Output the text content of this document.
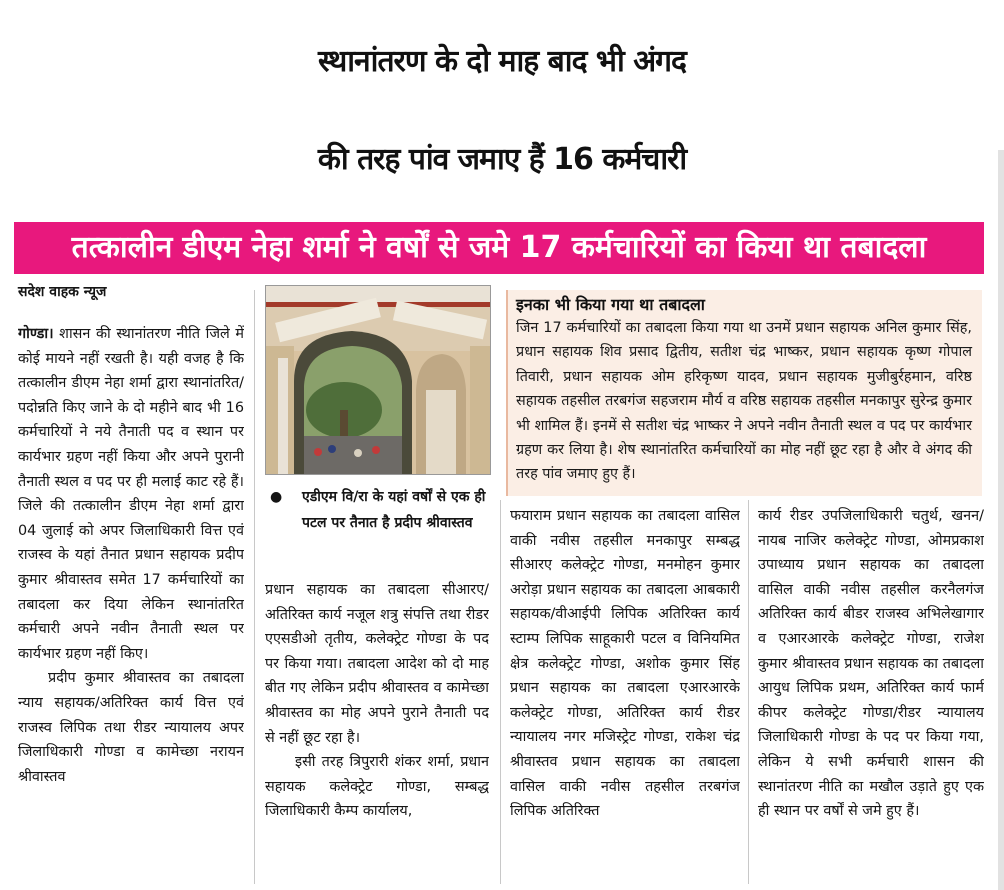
स्थानांतरण के दो माह बाद भी अंगद
की तरह पांव जमाए हैं 16 कर्मचारी
तत्कालीन डीएम नेहा शर्मा ने वर्षों से जमे 17 कर्मचारियों का किया था तबादला
सदेश वाहक न्यूज

गोण्डा। शासन की स्थानांतरण नीति जिले में कोई मायने नहीं रखती है। यही वजह है कि तत्कालीन डीएम नेहा शर्मा द्वारा स्थानांतरित/पदोन्नति किए जाने के दो महीने बाद भी 16 कर्मचारियों ने नये तैनाती पद व स्थान पर कार्यभार ग्रहण नहीं किया और अपने पुरानी तैनाती स्थल व पद पर ही मलाई काट रहे हैं। जिले की तत्कालीन डीएम नेहा शर्मा द्वारा 04 जुलाई को अपर जिलाधिकारी वित्त एवं राजस्व के यहां तैनात प्रधान सहायक प्रदीप कुमार श्रीवास्तव समेत 17 कर्मचारियों का तबादला कर दिया लेकिन स्थानांतरित कर्मचारी अपने नवीन तैनाती स्थल पर कार्यभार ग्रहण नहीं किए।

प्रदीप कुमार श्रीवास्तव का तबादला न्याय सहायक/अतिरिक्त कार्य वित्त एवं राजस्व लिपिक तथा रीडर न्यायालय अपर जिलाधिकारी गोण्डा व कामेच्छा नरायन श्रीवास्तव

●	एडीएम वि/रा के यहां वर्षों से एक ही पटल पर तैनात है प्रदीप श्रीवास्तव

प्रधान सहायक का तबादला सीआरए/अतिरिक्त कार्य नजूल शत्रु संपत्ति तथा रीडर एएसडीओ तृतीय, कलेक्ट्रेट गोण्डा के पद पर किया गया। तबादला आदेश को दो माह बीत गए लेकिन प्रदीप श्रीवास्तव व कामेच्छा श्रीवास्तव का मोह अपने पुराने तैनाती पद से नहीं छूट रहा है।

इसी तरह त्रिपुरारी शंकर शर्मा, प्रधान सहायक कलेक्ट्रेट गोण्डा, सम्बद्ध जिलाधिकारी कैम्प कार्यालय,

इनका भी किया गया था तबादला
जिन 17 कर्मचारियों का तबादला किया गया था उनमें प्रधान सहायक अनिल कुमार सिंह, प्रधान सहायक शिव प्रसाद द्वितीय, सतीश चंद्र भाष्कर, प्रधान सहायक कृष्ण गोपाल तिवारी, प्रधान सहायक ओम हरिकृष्ण यादव, प्रधान सहायक मुजीबुर्रहमान, वरिष्ठ सहायक तहसील तरबगंज सहजराम मौर्य व वरिष्ठ सहायक तहसील मनकापुर सुरेन्द्र कुमार भी शामिल हैं। इनमें से सतीश चंद्र भाष्कर ने अपने नवीन तैनाती स्थल व पद पर कार्यभार ग्रहण कर लिया है। शेष स्थानांतरित कर्मचारियों का मोह नहीं छूट रहा है और वे अंगद की तरह पांव जमाए हुए हैं।

फयाराम प्रधान सहायक का तबादला वासिल वाकी नवीस तहसील मनकापुर सम्बद्ध सीआरए कलेक्ट्रेट गोण्डा, मनमोहन कुमार अरोड़ा प्रधान सहायक का तबादला आबकारी सहायक/वीआईपी लिपिक अतिरिक्त कार्य स्टाम्प लिपिक साहूकारी पटल व विनियमित क्षेत्र कलेक्ट्रेट गोण्डा, अशोक कुमार सिंह प्रधान सहायक का तबादला एआरआरके कलेक्ट्रेट गोण्डा, अतिरिक्त कार्य रीडर न्यायालय नगर मजिस्ट्रेट गोण्डा, राकेश चंद्र श्रीवास्तव प्रधान सहायक का तबादला वासिल वाकी नवीस तहसील तरबगंज लिपिक अतिरिक्त

कार्य रीडर उपजिलाधिकारी चतुर्थ, खनन/नायब नाजिर कलेक्ट्रेट गोण्डा, ओमप्रकाश उपाध्याय प्रधान सहायक का तबादला वासिल वाकी नवीस तहसील करनैलगंज अतिरिक्त कार्य बीडर राजस्व अभिलेखागार व एआरआरके कलेक्ट्रेट गोण्डा, राजेश कुमार श्रीवास्तव प्रधान सहायक का तबादला आयुध लिपिक प्रथम, अतिरिक्त कार्य फार्म कीपर कलेक्ट्रेट गोण्डा/रीडर न्यायालय जिलाधिकारी गोण्डा के पद पर किया गया, लेकिन ये सभी कर्मचारी शासन की स्थानांतरण नीति का मखौल उड़ाते हुए एक ही स्थान पर वर्षों से जमे हुए हैं।
